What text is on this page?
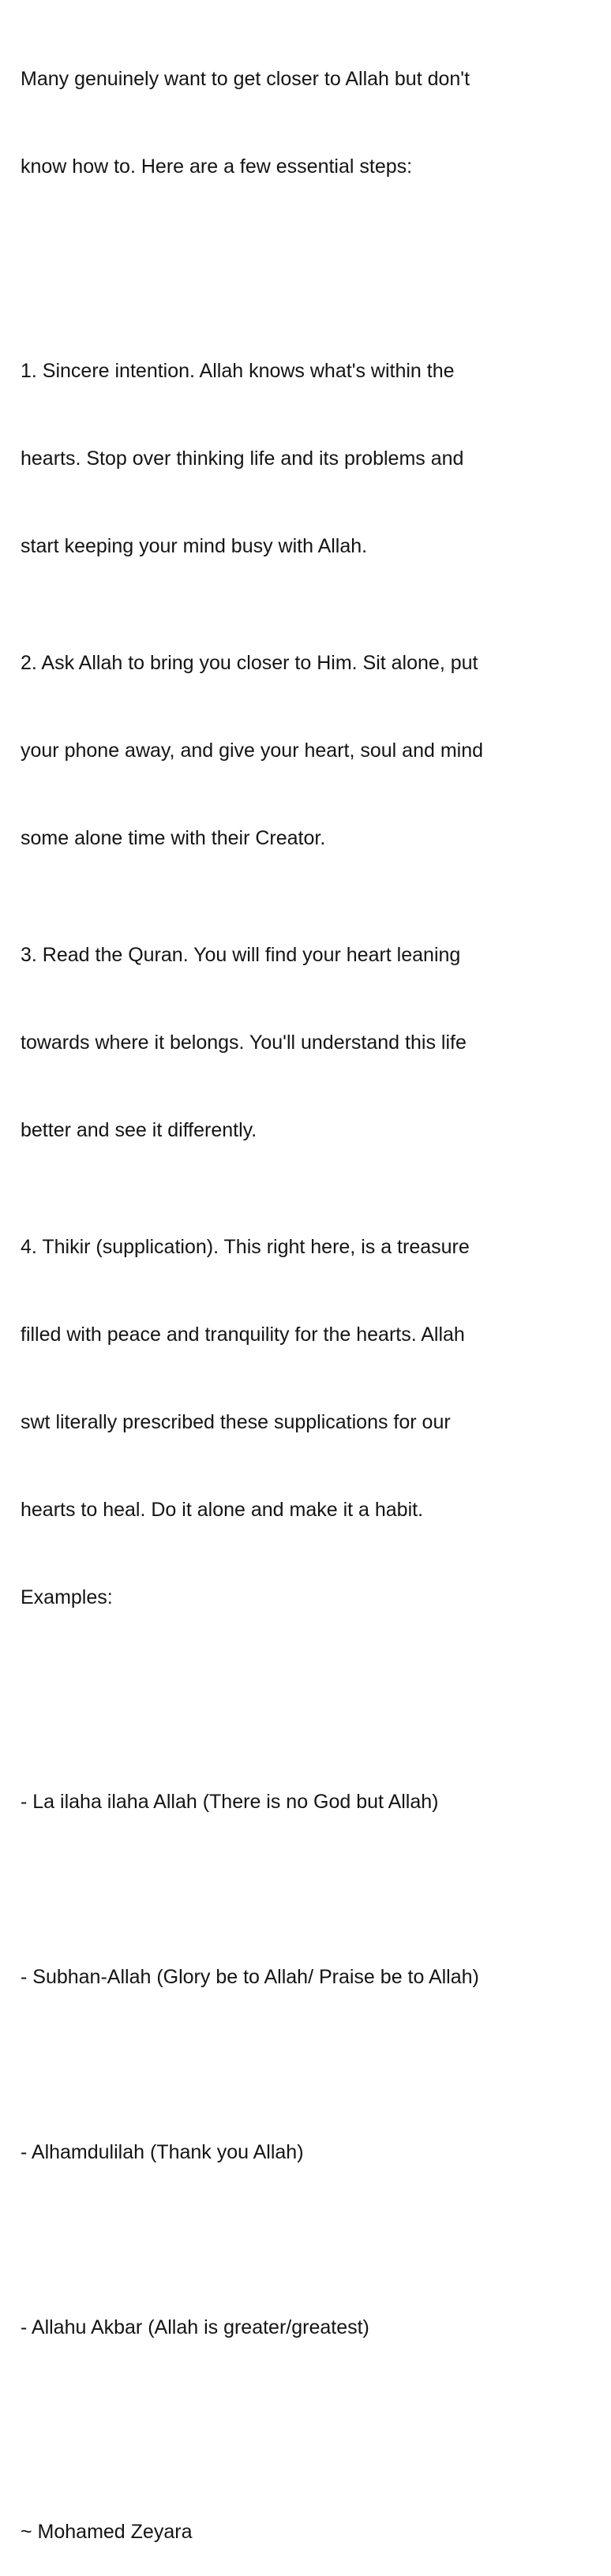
Many genuinely want to get closer to Allah but don't

know how to. Here are a few essential steps:

1. Sincere intention. Allah knows what's within the

hearts. Stop over thinking life and its problems and

start keeping your mind busy with Allah.

2. Ask Allah to bring you closer to Him. Sit alone, put

your phone away, and give your heart, soul and mind

some alone time with their Creator.

3. Read the Quran. You will find your heart leaning

towards where it belongs. You'll understand this life

better and see it differently.

4. Thikir (supplication). This right here, is a treasure

filled with peace and tranquility for the hearts. Allah

swt literally prescribed these supplications for our

hearts to heal. Do it alone and make it a habit.

Examples:

- La ilaha ilaha Allah (There is no God but Allah)

- Subhan-Allah (Glory be to Allah/ Praise be to Allah)

- Alhamdulilah (Thank you Allah)

- Allahu Akbar (Allah is greater/greatest)

~ Mohamed Zeyara
